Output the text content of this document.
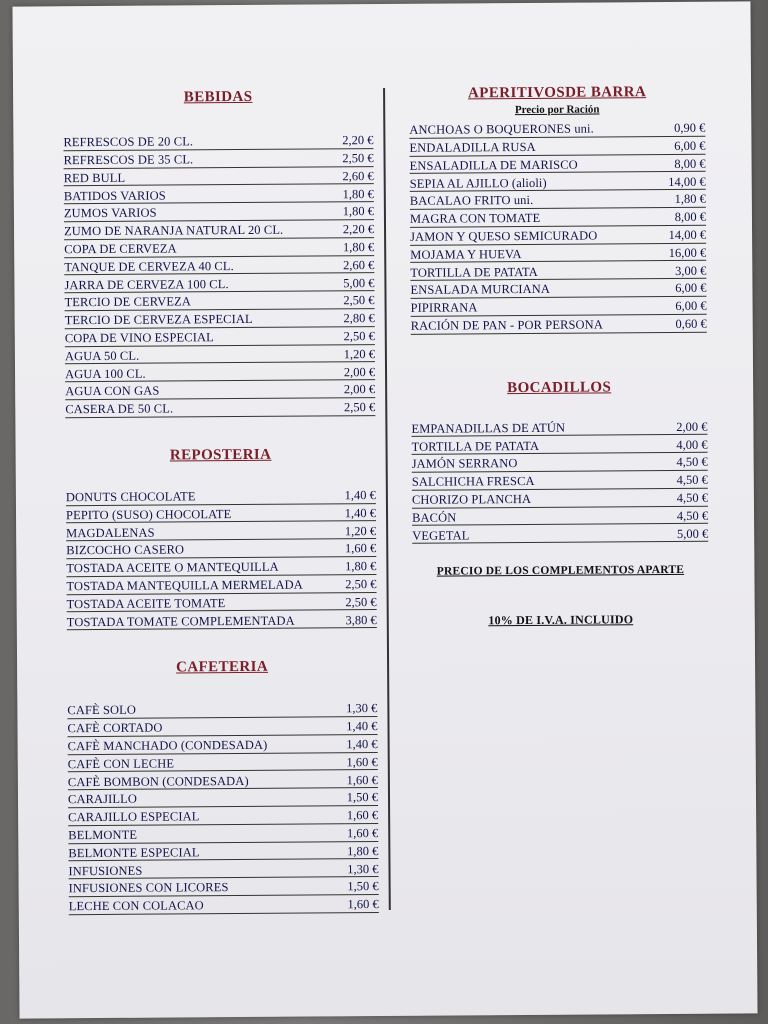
BEBIDAS
REFRESCOS DE 20 CL.	2,20 €
REFRESCOS DE 35 CL.	2,50 €
RED BULL	2,60 €
BATIDOS VARIOS	1,80 €
ZUMOS VARIOS	1,80 €
ZUMO DE NARANJA NATURAL 20 CL.	2,20 €
COPA DE CERVEZA	1,80 €
TANQUE DE CERVEZA 40 CL.	2,60 €
JARRA DE CERVEZA 100 CL.	5,00 €
TERCIO DE CERVEZA	2,50 €
TERCIO DE CERVEZA ESPECIAL	2,80 €
COPA DE VINO ESPECIAL	2,50 €
AGUA 50 CL.	1,20 €
AGUA 100 CL.	2,00 €
AGUA CON GAS	2,00 €
CASERA DE 50 CL.	2,50 €
REPOSTERIA
DONUTS CHOCOLATE	1,40 €
PEPITO (SUSO) CHOCOLATE	1,40 €
MAGDALENAS	1,20 €
BIZCOCHO CASERO	1,60 €
TOSTADA ACEITE O MANTEQUILLA	1,80 €
TOSTADA MANTEQUILLA MERMELADA	2,50 €
TOSTADA ACEITE TOMATE	2,50 €
TOSTADA TOMATE COMPLEMENTADA	3,80 €
CAFETERIA
CAFÈ SOLO	1,30 €
CAFÈ CORTADO	1,40 €
CAFÈ MANCHADO (CONDESADA)	1,40 €
CAFÈ CON LECHE	1,60 €
CAFÈ BOMBON (CONDESADA)	1,60 €
CARAJILLO	1,50 €
CARAJILLO ESPECIAL	1,60 €
BELMONTE	1,60 €
BELMONTE ESPECIAL	1,80 €
INFUSIONES	1,30 €
INFUSIONES CON LICORES	1,50 €
LECHE CON COLACAO	1,60 €
APERITIVOSDE BARRA
Precio por Ración
ANCHOAS O BOQUERONES uni.	0,90 €
ENDALADILLA RUSA	6,00 €
ENSALADILLA DE MARISCO	8,00 €
SEPIA AL AJILLO (alioli)	14,00 €
BACALAO FRITO uni.	1,80 €
MAGRA CON TOMATE	8,00 €
JAMON Y QUESO SEMICURADO	14,00 €
MOJAMA Y HUEVA	16,00 €
TORTILLA DE PATATA	3,00 €
ENSALADA MURCIANA	6,00 €
PIPIRRANA	6,00 €
RACIÓN DE PAN - POR PERSONA	0,60 €
BOCADILLOS
EMPANADILLAS DE ATÚN	2,00 €
TORTILLA DE PATATA	4,00 €
JAMÓN SERRANO	4,50 €
SALCHICHA FRESCA	4,50 €
CHORIZO PLANCHA	4,50 €
BACÓN	4,50 €
VEGETAL	5,00 €
PRECIO DE LOS COMPLEMENTOS APARTE
10% DE I.V.A. INCLUIDO
